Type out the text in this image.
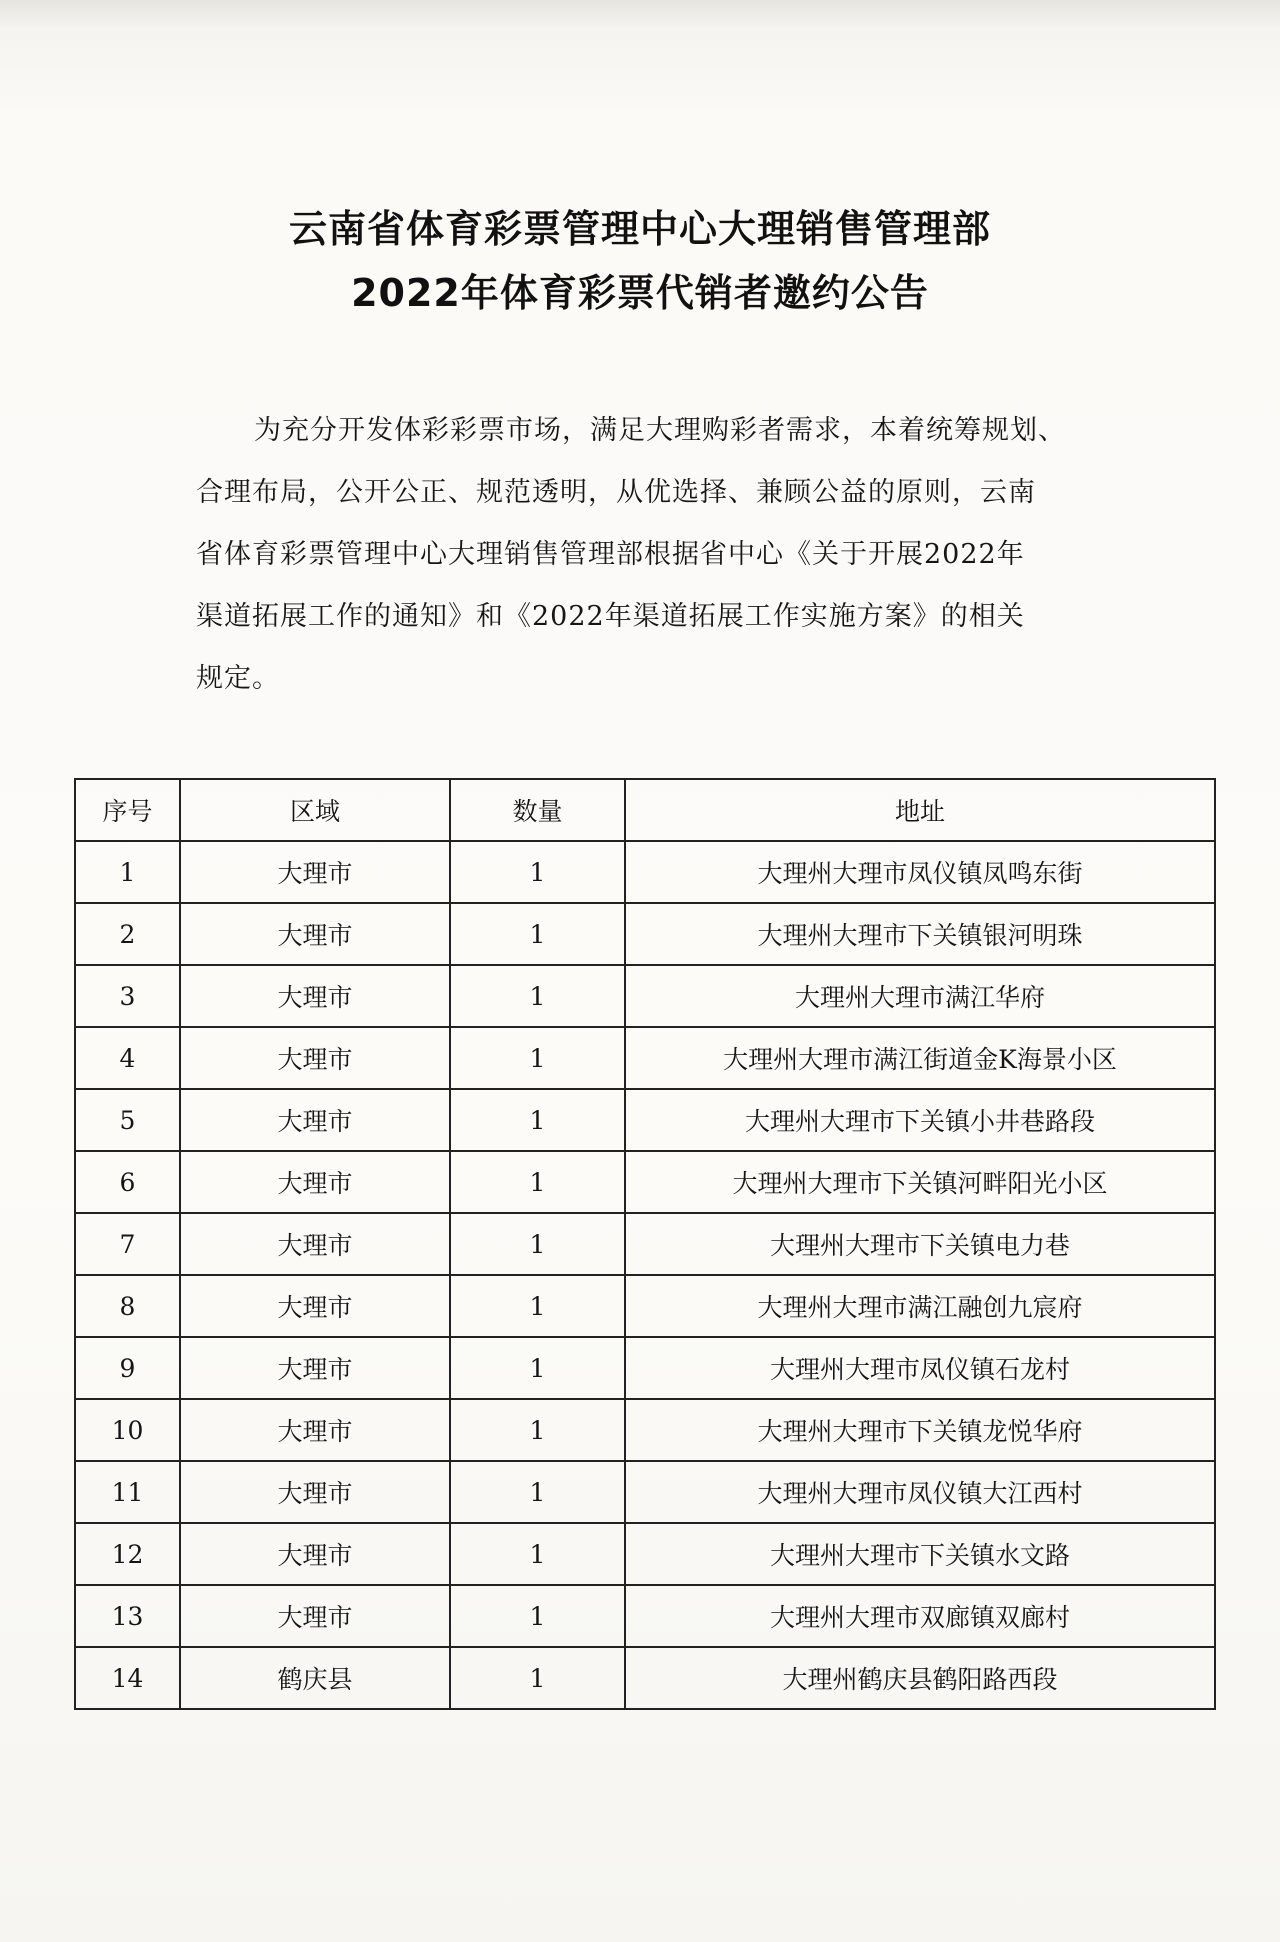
云南省体育彩票管理中心大理销售管理部
2022年体育彩票代销者邀约公告
为充分开发体彩彩票市场，满足大理购彩者需求，本着统筹规划、
合理布局，公开公正、规范透明，从优选择、兼顾公益的原则，云南
省体育彩票管理中心大理销售管理部根据省中心《关于开展2022年
渠道拓展工作的通知》和《2022年渠道拓展工作实施方案》的相关
规定。
序号	区域	数量	地址
1	大理市	1	大理州大理市凤仪镇凤鸣东街
2	大理市	1	大理州大理市下关镇银河明珠
3	大理市	1	大理州大理市满江华府
4	大理市	1	大理州大理市满江街道金K海景小区
5	大理市	1	大理州大理市下关镇小井巷路段
6	大理市	1	大理州大理市下关镇河畔阳光小区
7	大理市	1	大理州大理市下关镇电力巷
8	大理市	1	大理州大理市满江融创九宸府
9	大理市	1	大理州大理市凤仪镇石龙村
10	大理市	1	大理州大理市下关镇龙悦华府
11	大理市	1	大理州大理市凤仪镇大江西村
12	大理市	1	大理州大理市下关镇水文路
13	大理市	1	大理州大理市双廊镇双廊村
14	鹤庆县	1	大理州鹤庆县鹤阳路西段
